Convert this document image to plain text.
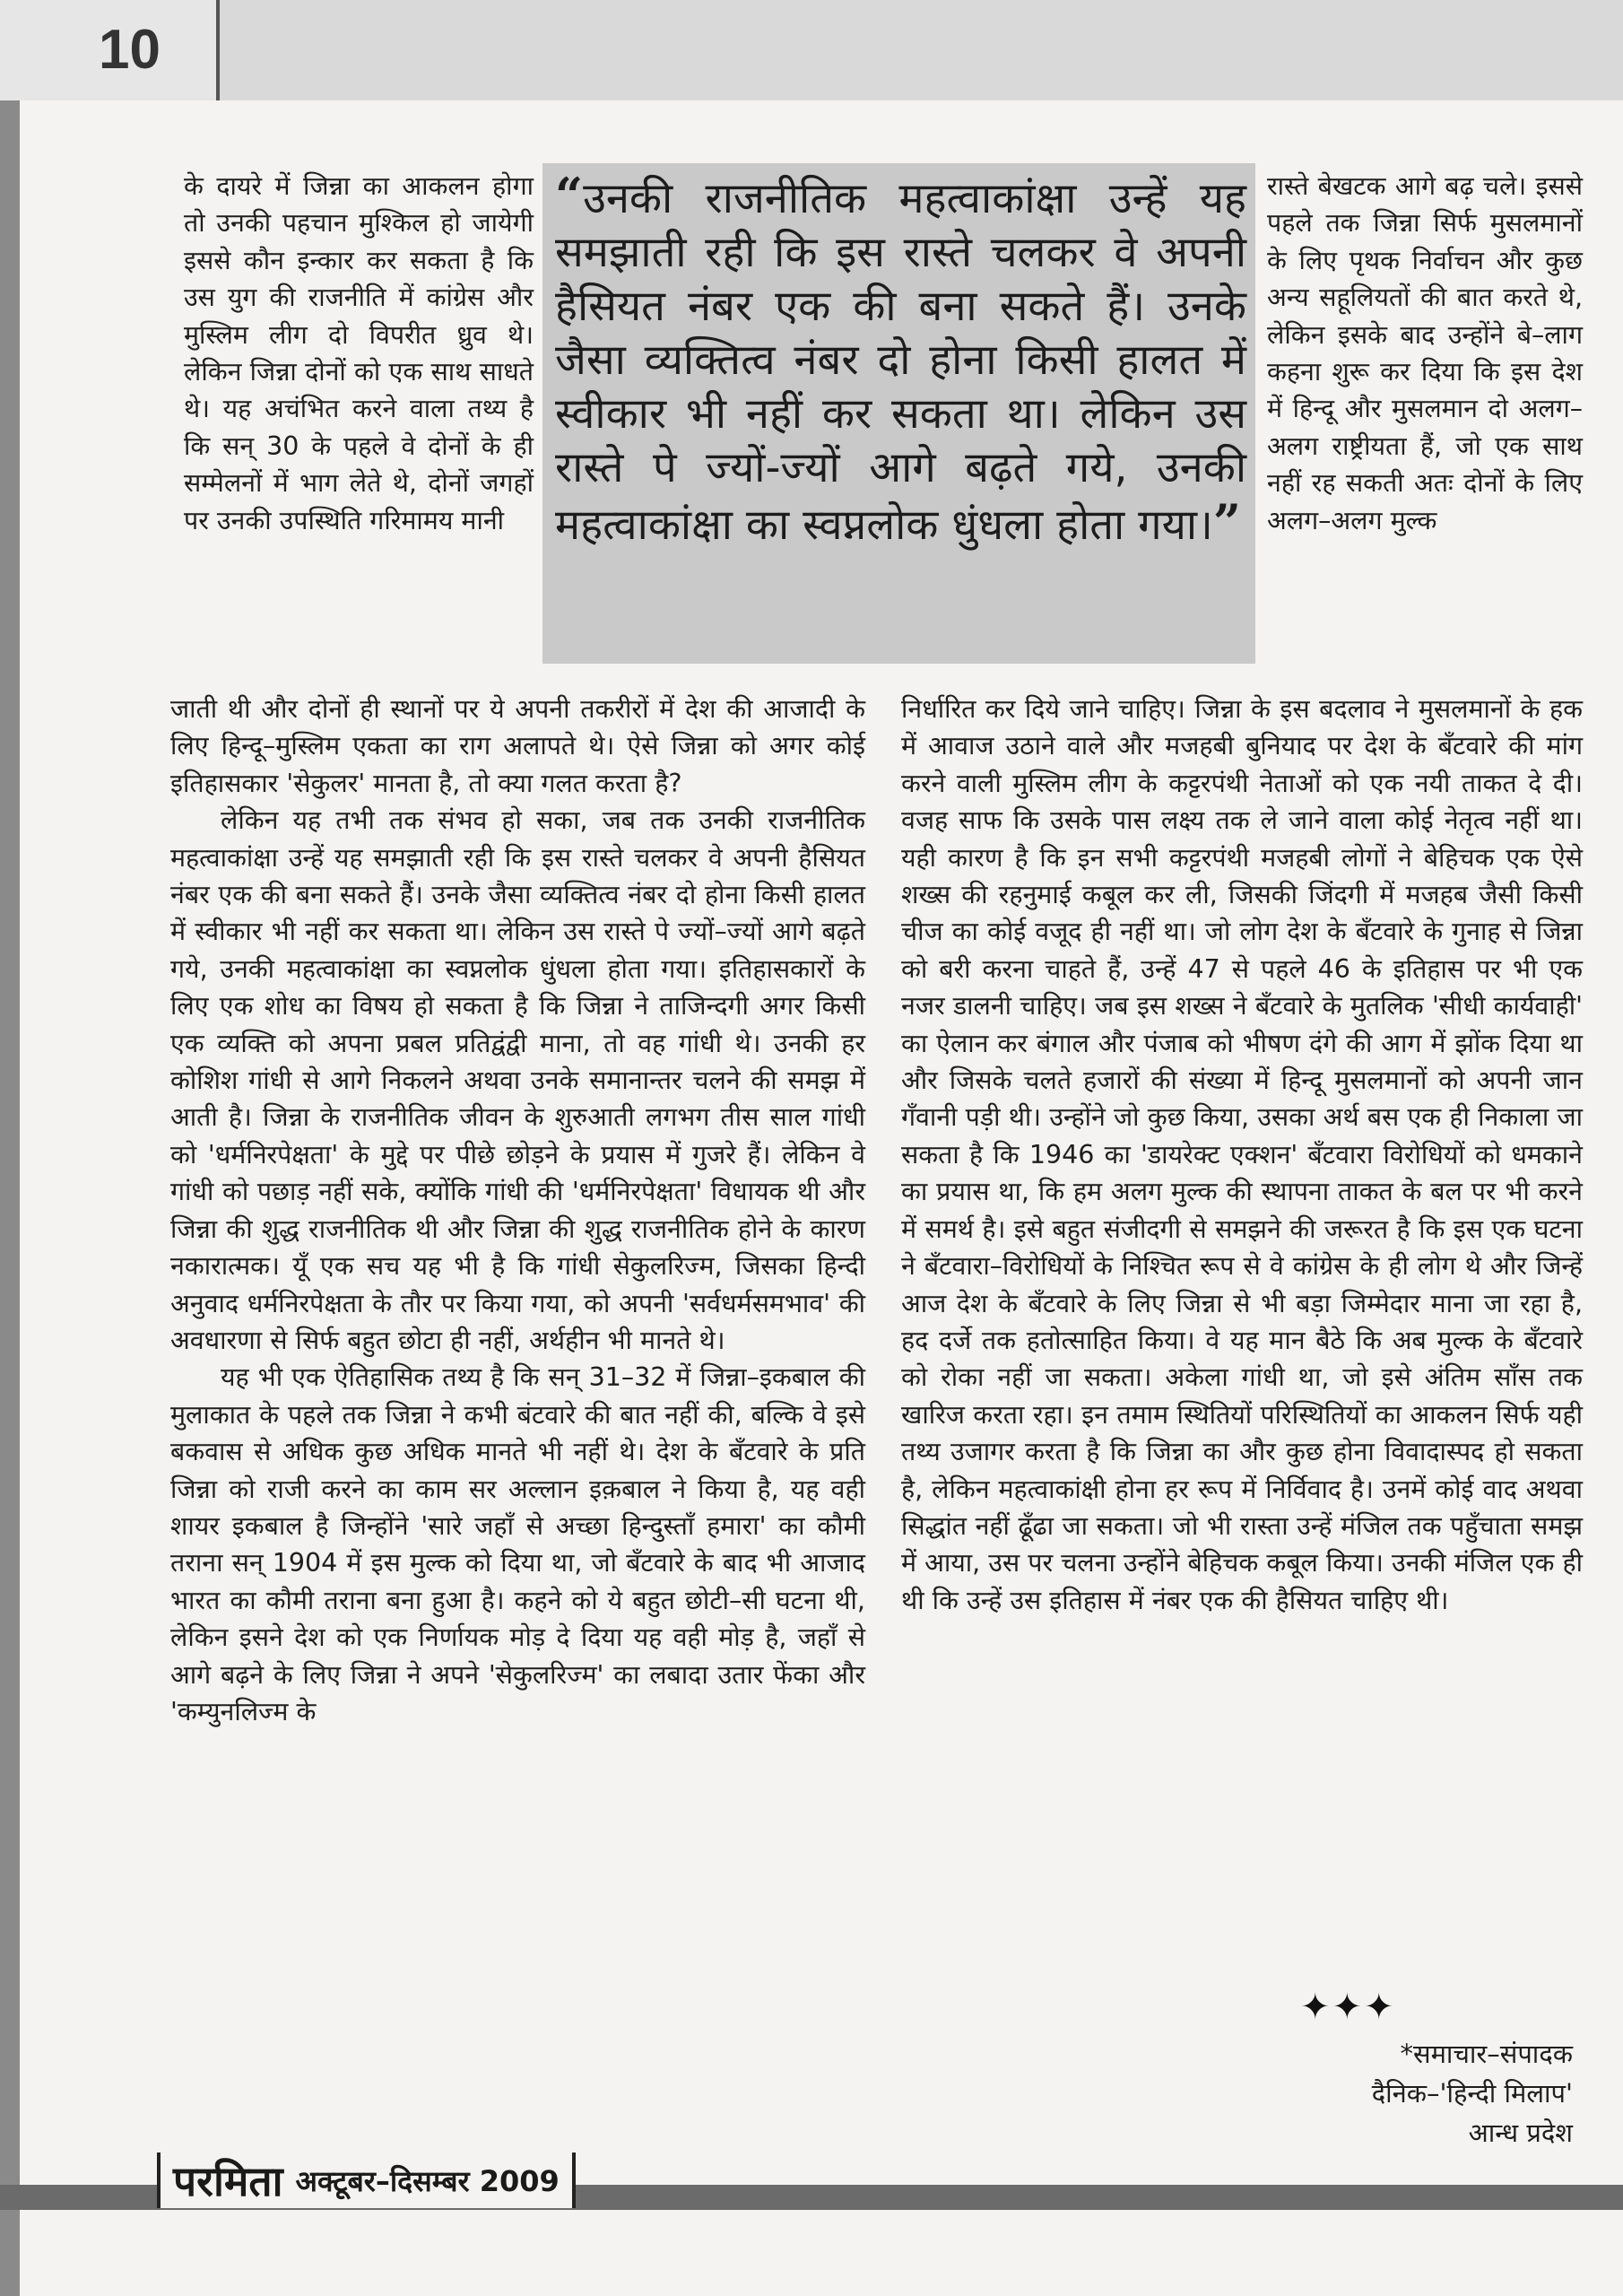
10

के दायरे में जिन्ना का आकलन होगा तो उनकी पहचान मुश्किल हो जायेगी इससे कौन इन्कार कर सकता है कि उस युग की राजनीति में कांग्रेस और मुस्लिम लीग दो विपरीत ध्रुव थे। लेकिन जिन्ना दोनों को एक साथ साधते थे। यह अचंभित करने वाला तथ्य है कि सन् 30 के पहले वे दोनों के ही सम्मेलनों में भाग लेते थे, दोनों जगहों पर उनकी उपस्थिति गरिमामय मानी

“उनकी राजनीतिक महत्वाकांक्षा उन्हें यह समझाती रही कि इस रास्ते चलकर वे अपनी हैसियत नंबर एक की बना सकते हैं। उनके जैसा व्यक्तित्व नंबर दो होना किसी हालत में स्वीकार भी नहीं कर सकता था। लेकिन उस रास्ते पे ज्यों-ज्यों आगे बढ़ते गये, उनकी महत्वाकांक्षा का स्वप्नलोक धुंधला होता गया।”

रास्ते बेखटक आगे बढ़ चले। इससे पहले तक जिन्ना सिर्फ मुसलमानों के लिए पृथक निर्वाचन और कुछ अन्य सहूलियतों की बात करते थे, लेकिन इसके बाद उन्होंने बे–लाग कहना शुरू कर दिया कि इस देश में हिन्दू और मुसलमान दो अलग–अलग राष्ट्रीयता हैं, जो एक साथ नहीं रह सकती अतः दोनों के लिए अलग–अलग मुल्क

जाती थी और दोनों ही स्थानों पर ये अपनी तकरीरों में देश की आजादी के लिए हिन्दू–मुस्लिम एकता का राग अलापते थे। ऐसे जिन्ना को अगर कोई इतिहासकार 'सेकुलर' मानता है, तो क्या गलत करता है?

लेकिन यह तभी तक संभव हो सका, जब तक उनकी राजनीतिक महत्वाकांक्षा उन्हें यह समझाती रही कि इस रास्ते चलकर वे अपनी हैसियत नंबर एक की बना सकते हैं। उनके जैसा व्यक्तित्व नंबर दो होना किसी हालत में स्वीकार भी नहीं कर सकता था। लेकिन उस रास्ते पे ज्यों–ज्यों आगे बढ़ते गये, उनकी महत्वाकांक्षा का स्वप्नलोक धुंधला होता गया। इतिहासकारों के लिए एक शोध का विषय हो सकता है कि जिन्ना ने ताजिन्दगी अगर किसी एक व्यक्ति को अपना प्रबल प्रतिद्वंद्वी माना, तो वह गांधी थे। उनकी हर कोशिश गांधी से आगे निकलने अथवा उनके समानान्तर चलने की समझ में आती है। जिन्ना के राजनीतिक जीवन के शुरुआती लगभग तीस साल गांधी को 'धर्मनिरपेक्षता' के मुद्दे पर पीछे छोड़ने के प्रयास में गुजरे हैं। लेकिन वे गांधी को पछाड़ नहीं सके, क्योंकि गांधी की 'धर्मनिरपेक्षता' विधायक थी और जिन्ना की शुद्ध राजनीतिक थी और जिन्ना की शुद्ध राजनीतिक होने के कारण नकारात्मक। यूँ एक सच यह भी है कि गांधी सेकुलरिज्म, जिसका हिन्दी अनुवाद धर्मनिरपेक्षता के तौर पर किया गया, को अपनी 'सर्वधर्मसमभाव' की अवधारणा से सिर्फ बहुत छोटा ही नहीं, अर्थहीन भी मानते थे।

यह भी एक ऐतिहासिक तथ्य है कि सन् 31–32 में जिन्ना–इकबाल की मुलाकात के पहले तक जिन्ना ने कभी बंटवारे की बात नहीं की, बल्कि वे इसे बकवास से अधिक कुछ अधिक मानते भी नहीं थे। देश के बँटवारे के प्रति जिन्ना को राजी करने का काम सर अल्लान इक़बाल ने किया है, यह वही शायर इकबाल है जिन्होंने 'सारे जहाँ से अच्छा हिन्दुस्ताँ हमारा' का कौमी तराना सन् 1904 में इस मुल्क को दिया था, जो बँटवारे के बाद भी आजाद भारत का कौमी तराना बना हुआ है। कहने को ये बहुत छोटी–सी घटना थी, लेकिन इसने देश को एक निर्णायक मोड़ दे दिया यह वही मोड़ है, जहाँ से आगे बढ़ने के लिए जिन्ना ने अपने 'सेकुलरिज्म' का लबादा उतार फेंका और 'कम्युनलिज्म के

निर्धारित कर दिये जाने चाहिए। जिन्ना के इस बदलाव ने मुसलमानों के हक में आवाज उठाने वाले और मजहबी बुनियाद पर देश के बँटवारे की मांग करने वाली मुस्लिम लीग के कट्टरपंथी नेताओं को एक नयी ताकत दे दी। वजह साफ कि उसके पास लक्ष्य तक ले जाने वाला कोई नेतृत्व नहीं था। यही कारण है कि इन सभी कट्टरपंथी मजहबी लोगों ने बेहिचक एक ऐसे शख्स की रहनुमाई कबूल कर ली, जिसकी जिंदगी में मजहब जैसी किसी चीज का कोई वजूद ही नहीं था। जो लोग देश के बँटवारे के गुनाह से जिन्ना को बरी करना चाहते हैं, उन्हें 47 से पहले 46 के इतिहास पर भी एक नजर डालनी चाहिए। जब इस शख्स ने बँटवारे के मुतलिक 'सीधी कार्यवाही' का ऐलान कर बंगाल और पंजाब को भीषण दंगे की आग में झोंक दिया था और जिसके चलते हजारों की संख्या में हिन्दू मुसलमानों को अपनी जान गँवानी पड़ी थी। उन्होंने जो कुछ किया, उसका अर्थ बस एक ही निकाला जा सकता है कि 1946 का 'डायरेक्ट एक्शन' बँटवारा विरोधियों को धमकाने का प्रयास था, कि हम अलग मुल्क की स्थापना ताकत के बल पर भी करने में समर्थ है। इसे बहुत संजीदगी से समझने की जरूरत है कि इस एक घटना ने बँटवारा–विरोधियों के निश्चित रूप से वे कांग्रेस के ही लोग थे और जिन्हें आज देश के बँटवारे के लिए जिन्ना से भी बड़ा जिम्मेदार माना जा रहा है, हद दर्जे तक हतोत्साहित किया। वे यह मान बैठे कि अब मुल्क के बँटवारे को रोका नहीं जा सकता। अकेला गांधी था, जो इसे अंतिम साँस तक खारिज करता रहा। इन तमाम स्थितियों परिस्थितियों का आकलन सिर्फ यही तथ्य उजागर करता है कि जिन्ना का और कुछ होना विवादास्पद हो सकता है, लेकिन महत्वाकांक्षी होना हर रूप में निर्विवाद है। उनमें कोई वाद अथवा सिद्धांत नहीं ढूँढा जा सकता। जो भी रास्ता उन्हें मंजिल तक पहुँचाता समझ में आया, उस पर चलना उन्होंने बेहिचक कबूल किया। उनकी मंजिल एक ही थी कि उन्हें उस इतिहास में नंबर एक की हैसियत चाहिए थी।

✦✦✦
*समाचार–संपादक
दैनिक–'हिन्दी मिलाप'
आन्ध प्रदेश
परमिता अक्टूबर–दिसम्बर 2009
